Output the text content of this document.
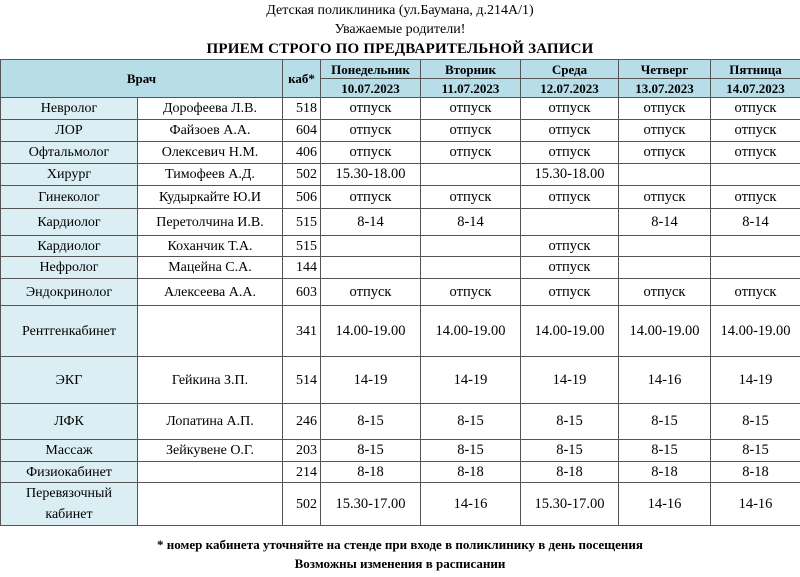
Детская поликлиника (ул.Баумана, д.214А/1)
Уважаемые родители!
ПРИЕМ СТРОГО ПО ПРЕДВАРИТЕЛЬНОЙ ЗАПИСИ
Врач		каб*	Понедельник	Вторник	Среда	Четверг	Пятница
			10.07.2023	11.07.2023	12.07.2023	13.07.2023	14.07.2023
Невролог	Дорофеева Л.В.	518	отпуск	отпуск	отпуск	отпуск	отпуск
ЛОР	Файзоев А.А.	604	отпуск	отпуск	отпуск	отпуск	отпуск
Офтальмолог	Олексевич Н.М.	406	отпуск	отпуск	отпуск	отпуск	отпуск
Хирург	Тимофеев А.Д.	502	15.30-18.00		15.30-18.00		
Гинеколог	Кудыркайте Ю.И	506	отпуск	отпуск	отпуск	отпуск	отпуск
Кардиолог	Перетолчина И.В.	515	8-14	8-14		8-14	8-14
Кардиолог	Коханчик Т.А.	515			отпуск		
Нефролог	Мацейна С.А.	144			отпуск		
Эндокринолог	Алексеева А.А.	603	отпуск	отпуск	отпуск	отпуск	отпуск
Рентгенкабинет		341	14.00-19.00	14.00-19.00	14.00-19.00	14.00-19.00	14.00-19.00
ЭКГ	Гейкина З.П.	514	14-19	14-19	14-19	14-16	14-19
ЛФК	Лопатина А.П.	246	8-15	8-15	8-15	8-15	8-15
Массаж	Зейкувене О.Г.	203	8-15	8-15	8-15	8-15	8-15
Физиокабинет		214	8-18	8-18	8-18	8-18	8-18
Перевязочный кабинет		502	15.30-17.00	14-16	15.30-17.00	14-16	14-16
* номер кабинета уточняйте на стенде при входе в поликлинику в день посещения
Возможны изменения в расписании
